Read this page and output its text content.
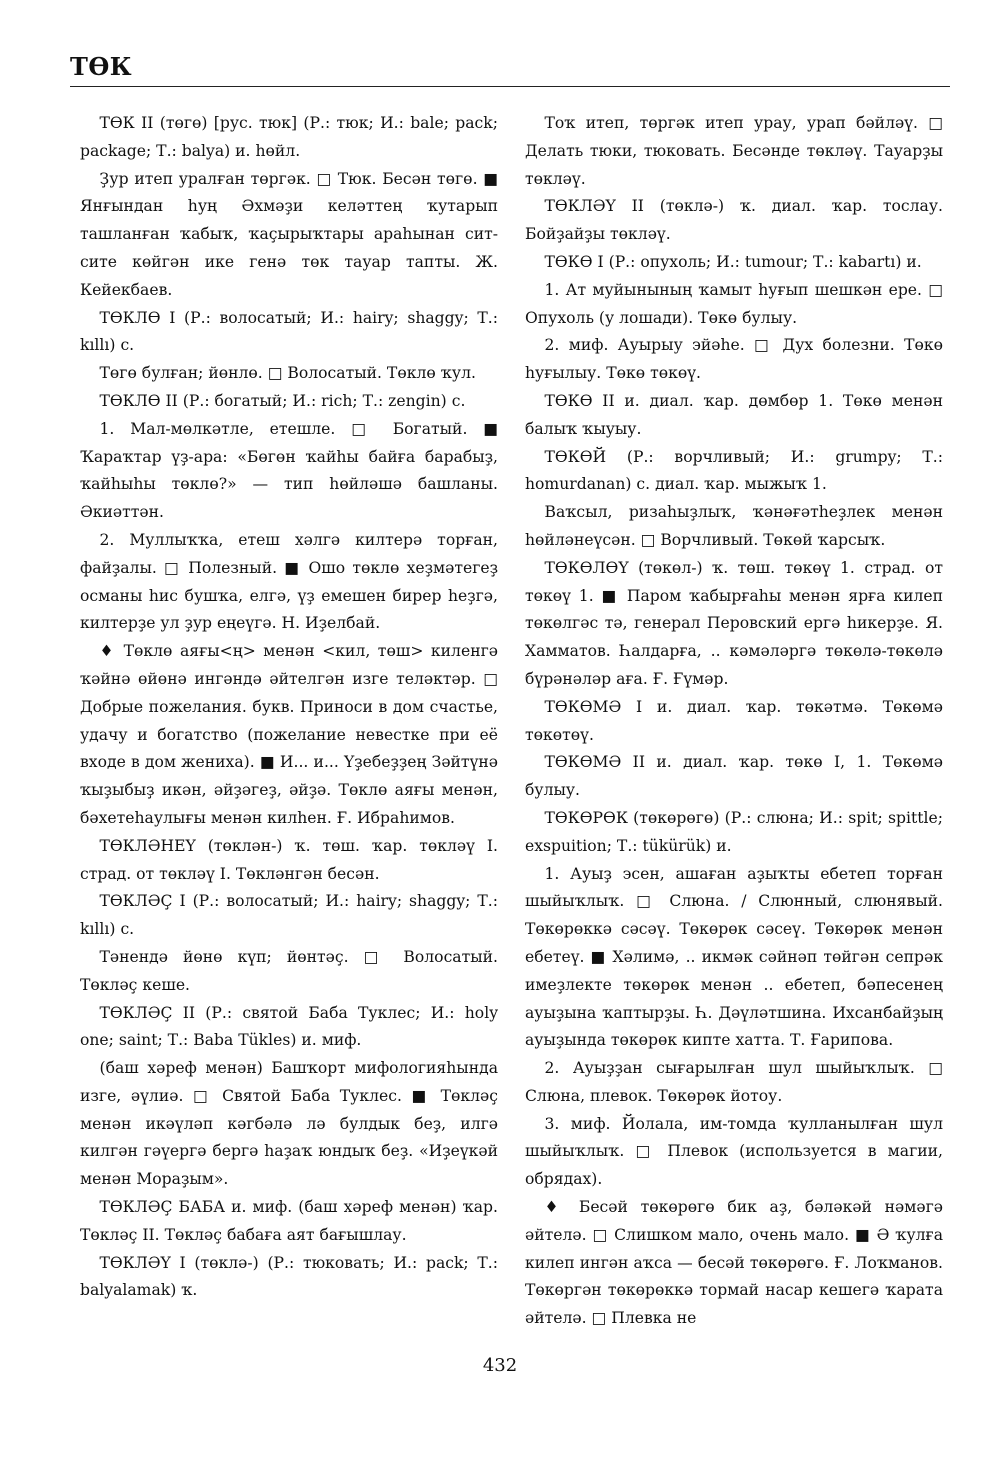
ТӨК

ТӨК II (төгө) [рус. тюк] (Р.: тюк; И.: bale; pack; package; Т.: balya) и. һөйл.

Ҙур итеп уралған төргәк. □ Тюк. Бесән төгө. ■ Янғындан һуң Әхмәҙи келәттең ҡутарып ташланған ҡабыҡ, ҡаҫырыҡтары араһынан сит-сите көйгән ике генә төк тауар тапты. Ж. Кейекбаев.

ТӨКЛӨ I (Р.: волосатый; И.: hairy; shaggy; Т.: kıllı) с.

Төгө булған; йөнлө. □ Волосатый. Төклө ҡул.

ТӨКЛӨ II (Р.: богатый; И.: rich; Т.: zengin) с.

1. Мал-мөлкәтле, етешле. □ Богатый. ■ Ҡараҡтар үҙ-ара: «Бөгөн ҡайһы байға барабыҙ, ҡайһыһы төклө?» — тип һөйләшә башланы. Әкиәттән.

2. Муллыҡҡа, етеш хәлгә килтерә торған, файҙалы. □ Полезный. ■ Ошо төклө хеҙмәтегеҙ османы һис бушҡа, елгә, үҙ емешен бирер һеҙгә, килтерҙе ул ҙур еңеүгә. Н. Иҙелбай.

♦ Төклө аяғы<ң> менән <кил, төш> киленгә ҡәйнә өйөнә ингәндә әйтелгән изге теләктәр. □ Добрые пожелания. букв. Приноси в дом счастье, удачу и богатство (пожелание невестке при её входе в дом жениха). ■ И... и... Үҙебеҙҙең Зәйтүнә ҡыҙыбыҙ икән, әйҙәгеҙ, әйҙә. Төклө аяғы менән, бәхетеһаулығы менән килһен. Ғ. Ибраһимов.

ТӨКЛӘНЕҮ (төклән-) ҡ. төш. ҡар. төкләү I. страд. от төкләү I. Төкләнгән бесән.

ТӨКЛӘҪ I (Р.: волосатый; И.: hairy; shaggy; Т.: kıllı) с.

Тәнендә йөнө күп; йөнтәҫ. □ Волосатый. Төкләҫ кеше.

ТӨКЛӘҪ II (Р.: святой Баба Туклес; И.: holy one; saint; Т.: Baba Tükles) и. миф.

(баш хәреф менән) Башҡорт мифологияһында изге, әүлиә. □ Святой Баба Туклес. ■ Төкләҫ менән икәүләп кәгбәлә лә булдык беҙ, илгә килгән гәүергә бергә һаҙаҡ юндыҡ беҙ. «Иҙеүкәй менән Мораҙым».

ТӨКЛӘҪ БАБА и. миф. (баш хәреф менән) ҡар. Төкләҫ II. Төкләҫ бабаға аят бағышлау.

ТӨКЛӘҮ I (төклә-) (Р.: тюковать; И.: pack; Т.: balyalamak) ҡ.

Тоҡ итеп, төргәк итеп урау, урап бәйләү. □ Делать тюки, тюковать. Бесәнде төкләү. Тауарҙы төкләү.

ТӨКЛӘҮ II (төклә-) ҡ. диал. ҡар. тослау. Бойҙайҙы төкләү.

ТӨКӨ I (Р.: опухоль; И.: tumour; Т.: kabartı) и.

1. Ат муйынының ҡамыт һуғып шешкән ере. □ Опухоль (у лошади). Төкө булыу.

2. миф. Ауырыу эйәһе. □ Дух болезни. Төкө һуғылыу. Төкө төкөү.

ТӨКӨ II и. диал. ҡар. дөмбөр 1. Төкө менән балыҡ ҡыуыу.

ТӨКӨЙ (Р.: ворчливый; И.: grumpy; Т.: homurdanan) с. диал. ҡар. мыжыҡ 1.

Ваҡсыл, ризаһыҙлыҡ, ҡәнәғәтһеҙлек менән һөйләнеүсән. □ Ворчливый. Төкөй ҡарсыҡ.

ТӨКӨЛӨҮ (төкөл-) ҡ. төш. төкөү 1. страд. от төкөү 1. ■ Паром ҡабырғаһы менән ярға килеп төкөлгәс тә, генерал Перовский ергә һикерҙе. Я. Хамматов. Һалдарға, .. кәмәләргә төкөлә-төкөлә бүрәнәләр аға. Ғ. Ғүмәр.

ТӨКӨМӘ I и. диал. ҡар. төкәтмә. Төкөмә төкөтөү.

ТӨКӨМӘ II и. диал. ҡар. төкө I, 1. Төкөмә булыу.

ТӨКӨРӨК (төкөрөгө) (Р.: слюна; И.: spit; spittle; exspuition; Т.: tükürük) и.

1. Ауыҙ эсен, ашаған аҙыҡты ебетеп торған шыйыҡлыҡ. □ Слюна. / Слюнный, слюнявый. Төкөрөккә сәсәү. Төкөрөк сәсеү. Төкөрөк менән ебетеү. ■ Хәлимә, .. икмәк сәйнәп төйгән сепрәк имеҙлекте төкөрөк менән .. ебетеп, бәпесенең ауыҙына ҡаптырҙы. Һ. Дәүләтшина. Ихсанбайҙың ауыҙында төкөрөк кипте хатта. Т. Ғарипова.

2. Ауыҙҙан сығарылған шул шыйыҡлыҡ. □ Слюна, плевок. Төкөрөк йотоу.

3. миф. Йолала, им-томда ҡулланылған шул шыйыҡлыҡ. □ Плевок (используется в магии, обрядах).

♦ Бесәй төкөрөгө бик аҙ, бәләкәй нәмәгә әйтелә. □ Слишком мало, очень мало. ■ Ә ҡулға килеп ингән аҡса — бесәй төкөрөгө. Ғ. Лоҡманов. Төкөргән төкөрөккә тормай насар кешегә ҡарата әйтелә. □ Плевка не

432
